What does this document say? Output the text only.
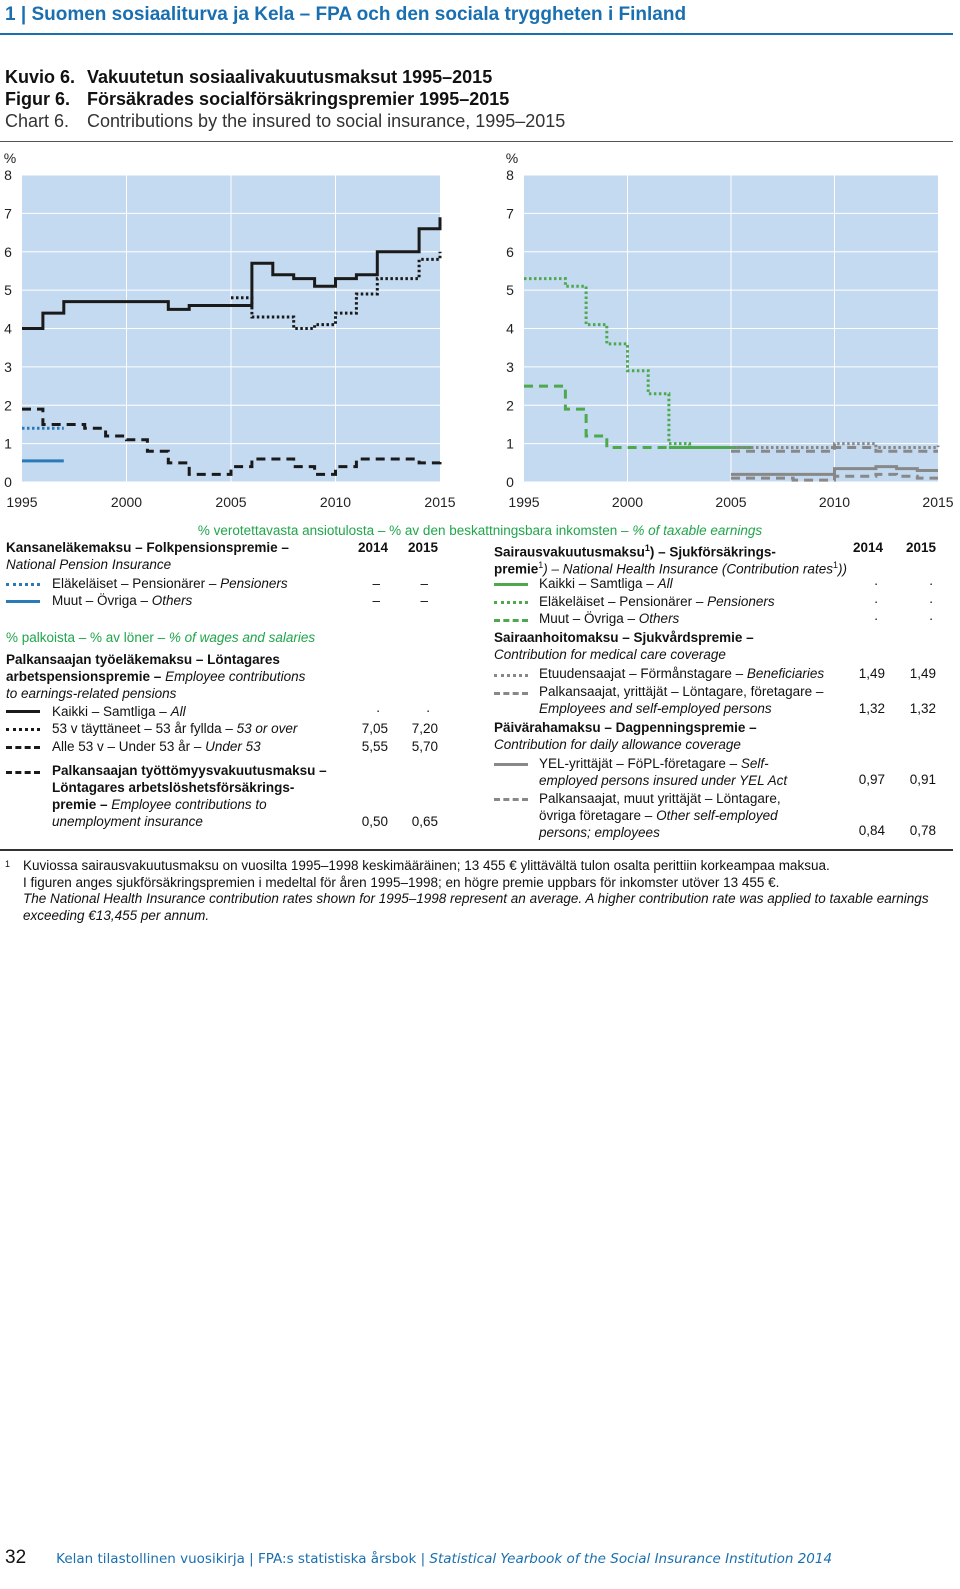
1 | Suomen sosiaaliturva ja Kela – FPA och den sociala tryggheten i Finland
Kuvio 6. Vakuutetun sosiaalivakuutusmaksut 1995–2015
Figur 6. Försäkrades socialförsäkringspremier 1995–2015
Chart 6. Contributions by the insured to social insurance, 1995–2015
0
1
2
3
4
5
6
7
8
%
1995	2000	2005	2010	2015
0
1
2
3
4
5
6
7
8
%
1995	2000	2005	2010	2015
% verotettavasta ansiotulosta – % av den beskattningsbara inkomsten – % of taxable earnings
Kansaneläkemaksu – Folkpensionspremie –	2014	2015
National Pension Insurance
Eläkeläiset – Pensionärer – Pensioners	–	–
Muut – Övriga – Others	–	–
% palkoista – % av löner – % of wages and salaries
Palkansaajan työeläkemaksu – Löntagares
arbetspensionspremie – Employee contributions
to earnings-related pensions
Kaikki – Samtliga – All	.	.
53 v täyttäneet – 53 år fyllda – 53 or over	7,05	7,20
Alle 53 v – Under 53 år – Under 53	5,55	5,70
Palkansaajan työttömyysvakuutusmaksu –
Löntagares arbetslöshetsförsäkrings-
premie – Employee contributions to
unemployment insurance	0,50	0,65
Sairausvakuutusmaksu$^1$) – Sjukförsäkrings-	2014	2015
premie$^1$) – National Health Insurance (Contribution rates$^1$))
Kaikki – Samtliga – All	.	.
Eläkeläiset – Pensionärer – Pensioners	.	.
Muut – Övriga – Others	.	.
Sairaanhoitomaksu – Sjukvårdspremie –
Contribution for medical care coverage
Etuudensaajat – Förmånstagare – Beneficiaries	1,49	1,49
Palkansaajat, yrittäjät – Löntagare, företagare –
Employees and self-employed persons	1,32	1,32
Päivärahamaksu – Dagpenningspremie –
Contribution for daily allowance coverage
YEL-yrittäjät – FöPL-företagare – Self-
employed persons insured under YEL Act	0,97	0,91
Palkansaajat, muut yrittäjät – Löntagare,
övriga företagare – Other self-employed
persons; employees	0,84	0,78
1 Kuviossa sairausvakuutusmaksu on vuosilta 1995–1998 keskimääräinen; 13 455 € ylittävältä tulon osalta perittiin korkeampaa maksua.
I figuren anges sjukförsäkringspremien i medeltal för åren 1995–1998; en högre premie uppbars för inkomster utöver 13 455 €.
The National Health Insurance contribution rates shown for 1995–1998 represent an average. A higher contribution rate was applied to taxable earnings exceeding €13,455 per annum.
32 Kelan tilastollinen vuosikirja | FPA:s statistiska årsbok | Statistical Yearbook of the Social Insurance Institution 2014
